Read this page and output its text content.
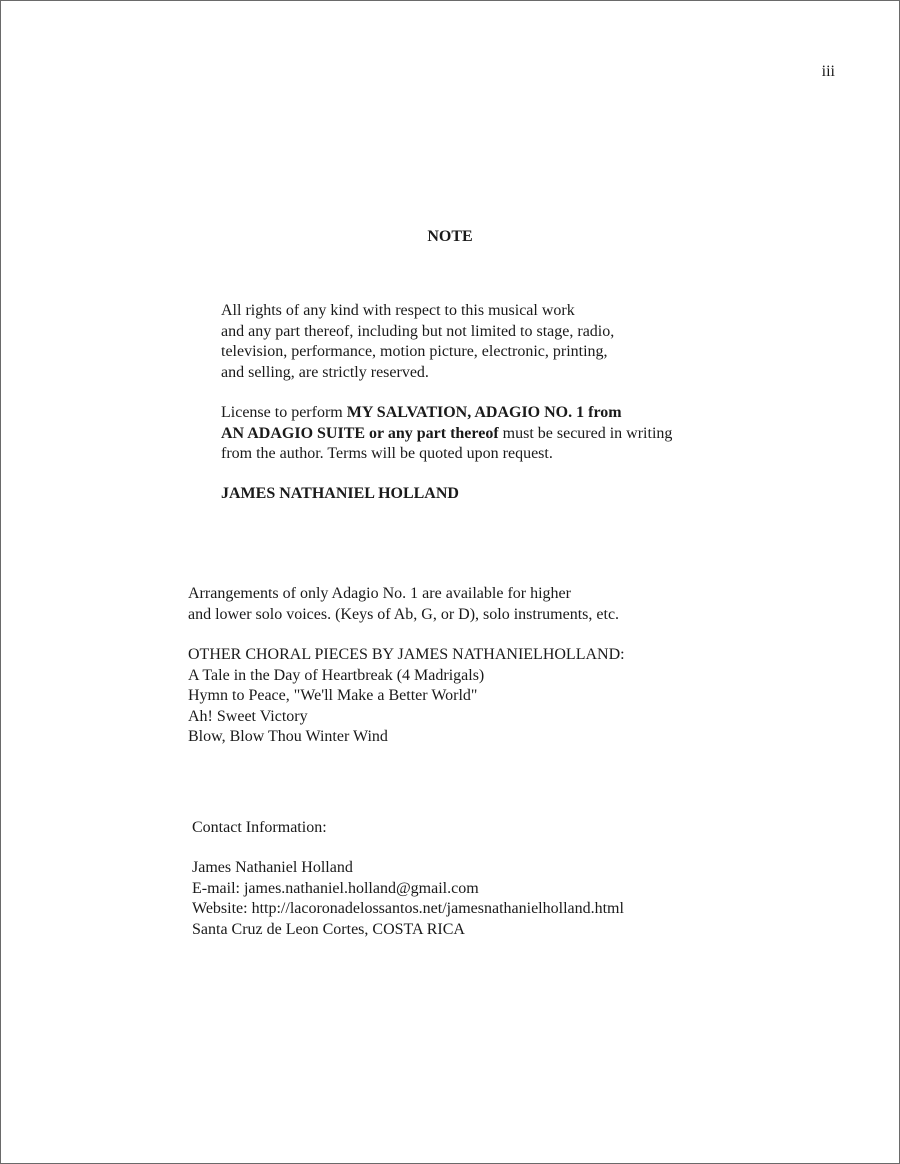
iii
NOTE
All rights of any kind with respect to this musical work
and any part thereof, including but not limited to stage, radio,
television, performance, motion picture, electronic, printing,
and selling, are strictly reserved.
License to perform MY SALVATION, ADAGIO NO. 1 from
AN ADAGIO SUITE or any part thereof must be secured in writing
from the author. Terms will be quoted upon request.
JAMES NATHANIEL HOLLAND
Arrangements of only Adagio No. 1 are available for higher
and lower solo voices. (Keys of Ab, G, or D), solo instruments, etc.
OTHER CHORAL PIECES BY JAMES NATHANIELHOLLAND:
A Tale in the Day of Heartbreak (4 Madrigals)
Hymn to Peace, "We'll Make a Better World"
Ah! Sweet Victory
Blow, Blow Thou Winter Wind
Contact Information:
James Nathaniel Holland
E-mail: james.nathaniel.holland@gmail.com
Website: http://lacoronadelossantos.net/jamesnathanielholland.html
Santa Cruz de Leon Cortes, COSTA RICA
